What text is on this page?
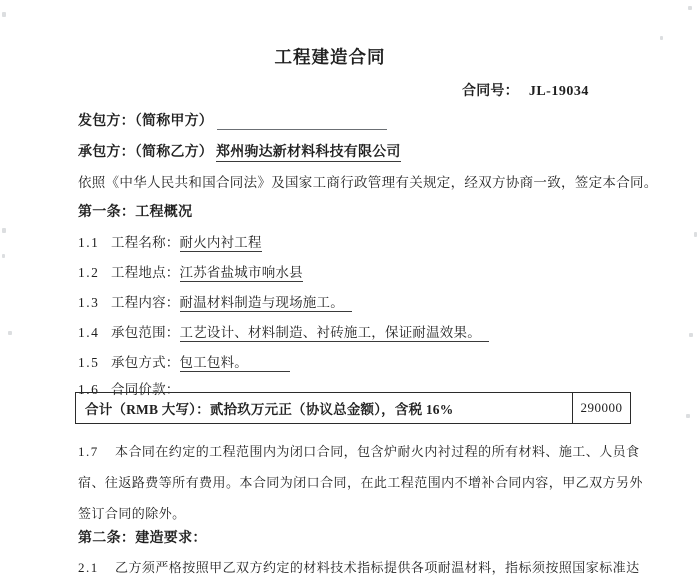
工程建造合同
合同号： JL-19034
发包方：（简称甲方）
承包方：（简称乙方） 郑州驹达新材料科技有限公司
依照《中华人民共和国合同法》及国家工商行政管理有关规定，经双方协商一致，签定本合同。
第一条：工程概况
1.1 工程名称：耐火内衬工程
1.2 工程地点：江苏省盐城市响水县
1.3 工程内容：耐温材料制造与现场施工。
1.4 承包范围：工艺设计、材料制造、衬砖施工，保证耐温效果。
1.5 承包方式：包工包料。
1.6 合同价款：
合计（RMB 大写）：贰拾玖万元正（协议总金额），含税 16%	290000
1.7 本合同在约定的工程范围内为闭口合同，包含炉耐火内衬过程的所有材料、施工、人员食
宿、往返路费等所有费用。本合同为闭口合同，在此工程范围内不增补合同内容，甲乙双方另外
签订合同的除外。
第二条：建造要求：
2.1 乙方须严格按照甲乙双方约定的材料技术指标提供各项耐温材料，指标须按照国家标准达
